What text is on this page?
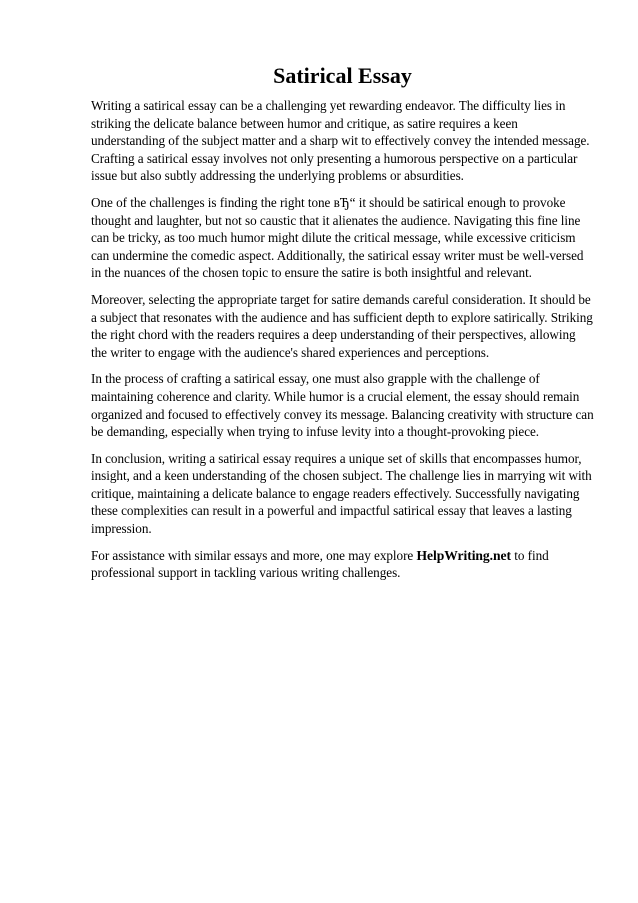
Satirical Essay

Writing a satirical essay can be a challenging yet rewarding endeavor. The difficulty lies in striking the delicate balance between humor and critique, as satire requires a keen understanding of the subject matter and a sharp wit to effectively convey the intended message. Crafting a satirical essay involves not only presenting a humorous perspective on a particular issue but also subtly addressing the underlying problems or absurdities.

One of the challenges is finding the right tone вЂ“ it should be satirical enough to provoke thought and laughter, but not so caustic that it alienates the audience. Navigating this fine line can be tricky, as too much humor might dilute the critical message, while excessive criticism can undermine the comedic aspect. Additionally, the satirical essay writer must be well-versed in the nuances of the chosen topic to ensure the satire is both insightful and relevant.

Moreover, selecting the appropriate target for satire demands careful consideration. It should be a subject that resonates with the audience and has sufficient depth to explore satirically. Striking the right chord with the readers requires a deep understanding of their perspectives, allowing the writer to engage with the audience's shared experiences and perceptions.

In the process of crafting a satirical essay, one must also grapple with the challenge of maintaining coherence and clarity. While humor is a crucial element, the essay should remain organized and focused to effectively convey its message. Balancing creativity with structure can be demanding, especially when trying to infuse levity into a thought-provoking piece.

In conclusion, writing a satirical essay requires a unique set of skills that encompasses humor, insight, and a keen understanding of the chosen subject. The challenge lies in marrying wit with critique, maintaining a delicate balance to engage readers effectively. Successfully navigating these complexities can result in a powerful and impactful satirical essay that leaves a lasting impression.

For assistance with similar essays and more, one may explore HelpWriting.net to find professional support in tackling various writing challenges.
